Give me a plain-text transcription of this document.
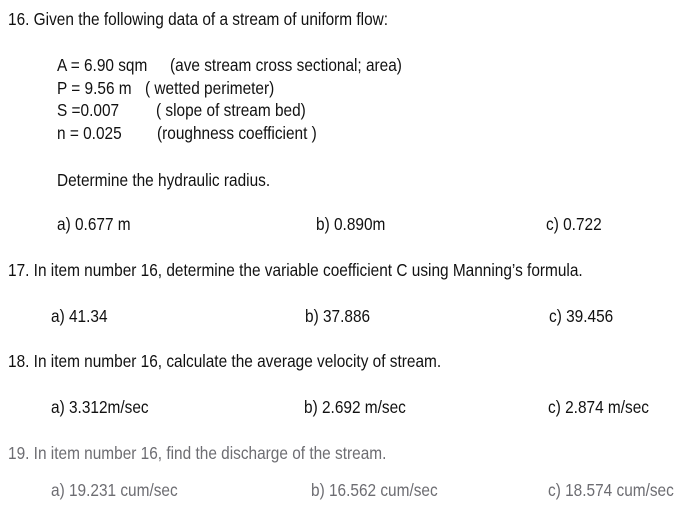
16. Given the following data of a stream of uniform flow:
A = 6.90 sqm (ave stream cross sectional; area)
P = 9.56 m ( wetted perimeter)
S =0.007 ( slope of stream bed)
n = 0.025 (roughness coefficient )
Determine the hydraulic radius.
a) 0.677 m	b) 0.890m	c) 0.722
17. In item number 16, determine the variable coefficient C using Manning’s formula.
a) 41.34	b) 37.886	c) 39.456
18. In item number 16, calculate the average velocity of stream.
a) 3.312m/sec	b) 2.692 m/sec	c) 2.874 m/sec
19. In item number 16, find the discharge of the stream.
a) 19.231 cum/sec	b) 16.562 cum/sec	c) 18.574 cum/sec
